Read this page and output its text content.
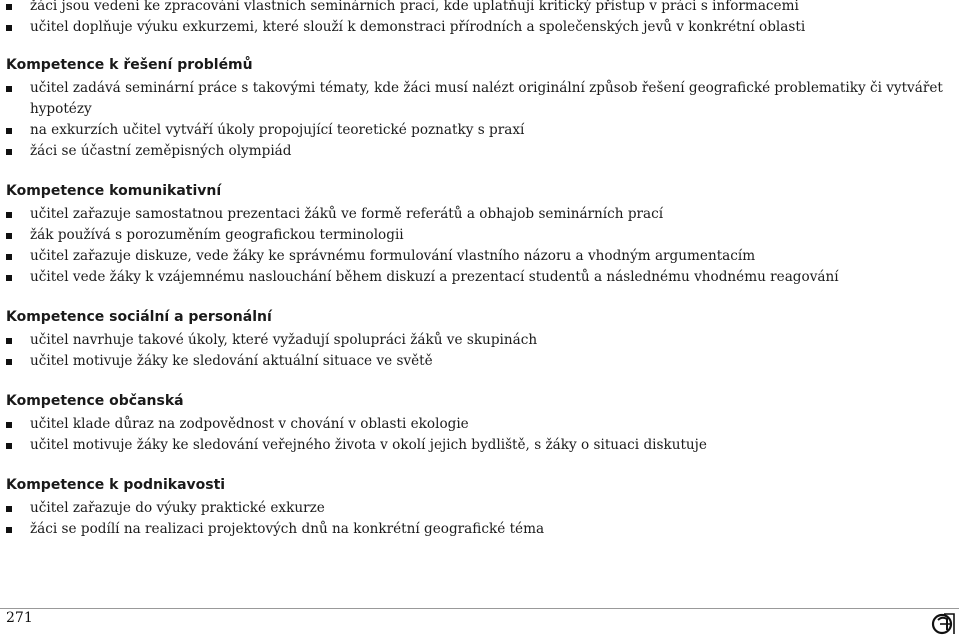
žáci jsou vedeni ke zpracování vlastních seminárních prací, kde uplatňují kritický přístup v práci s informacemi
učitel doplňuje výuku exkurzemi, které slouží k demonstraci přírodních a společenských jevů v konkrétní oblasti
Kompetence k řešení problémů
učitel zadává seminární práce s takovými tématy, kde žáci musí nalézt originální způsob řešení geografické problematiky či vytvářet hypotézy
na exkurzích učitel vytváří úkoly propojující teoretické poznatky s praxí
žáci se účastní zeměpisných olympiád
Kompetence komunikativní
učitel zařazuje samostatnou prezentaci žáků ve formě referátů a obhajob seminárních prací
žák používá s porozuměním geografickou terminologii
učitel zařazuje diskuze, vede žáky ke správnému formulování vlastního názoru a vhodným argumentacím
učitel vede žáky k vzájemnému naslouchání během diskuzí a prezentací studentů a následnému vhodnému reagování
Kompetence sociální a personální
učitel navrhuje takové úkoly, které vyžadují spolupráci žáků ve skupinách
učitel motivuje žáky ke sledování aktuální situace ve světě
Kompetence občanská
učitel klade důraz na zodpovědnost v chování v oblasti ekologie
učitel motivuje žáky ke sledování veřejného života v okolí jejich bydliště, s žáky o situaci diskutuje
Kompetence k podnikavosti
učitel zařazuje do výuky praktické exkurze
žáci se podílí na realizaci projektových dnů na konkrétní geografické téma
271
